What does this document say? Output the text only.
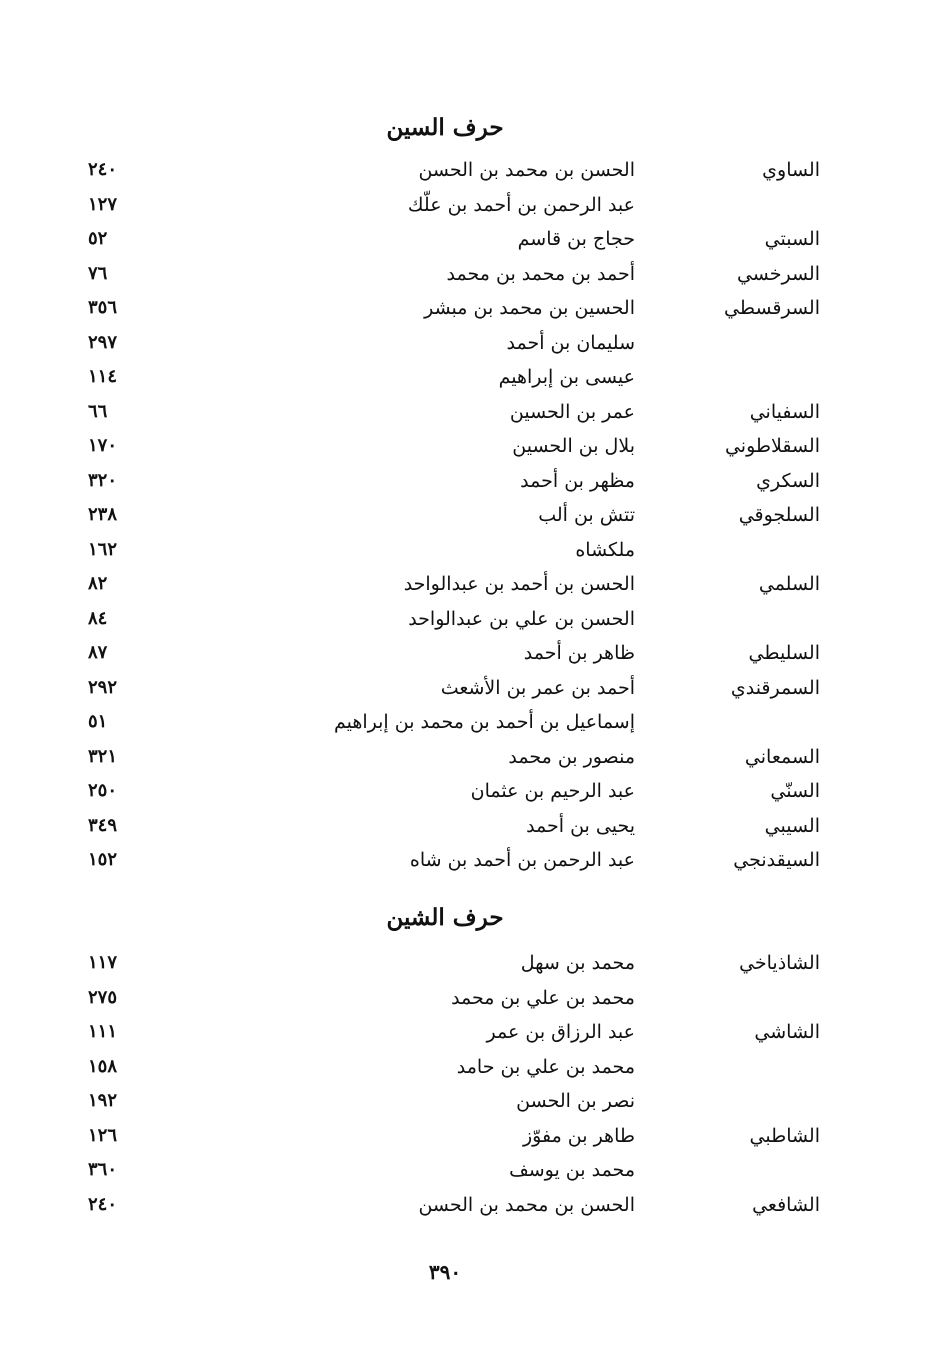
حرف السين
الساوي
الحسن بن محمد بن الحسن
٢٤٠
عبد الرحمن بن أحمد بن علّك
١٢٧
السبتي
حجاج بن قاسم
٥٢
السرخسي
أحمد بن محمد بن محمد
٧٦
السرقسطي
الحسين بن محمد بن مبشر
٣٥٦
سليمان بن أحمد
٢٩٧
عيسى بن إبراهيم
١١٤
السفياني
عمر بن الحسين
٦٦
السقلاطوني
بلال بن الحسين
١٧٠
السكري
مظهر بن أحمد
٣٢٠
السلجوقي
تتش بن ألب
٢٣٨
ملكشاه
١٦٢
السلمي
الحسن بن أحمد بن عبدالواحد
٨٢
الحسن بن علي بن عبدالواحد
٨٤
السليطي
ظاهر بن أحمد
٨٧
السمرقندي
أحمد بن عمر بن الأشعث
٢٩٢
إسماعيل بن أحمد بن محمد بن إبراهيم
٥١
السمعاني
منصور بن محمد
٣٢١
السنّي
عبد الرحيم بن عثمان
٢٥٠
السيبي
يحيى بن أحمد
٣٤٩
السيقدنجي
عبد الرحمن بن أحمد بن شاه
١٥٢
حرف الشين
الشاذياخي
محمد بن سهل
١١٧
محمد بن علي بن محمد
٢٧٥
الشاشي
عبد الرزاق بن عمر
١١١
محمد بن علي بن حامد
١٥٨
نصر بن الحسن
١٩٢
الشاطبي
طاهر بن مفوّز
١٢٦
محمد بن يوسف
٣٦٠
الشافعي
الحسن بن محمد بن الحسن
٢٤٠
٣٩٠
